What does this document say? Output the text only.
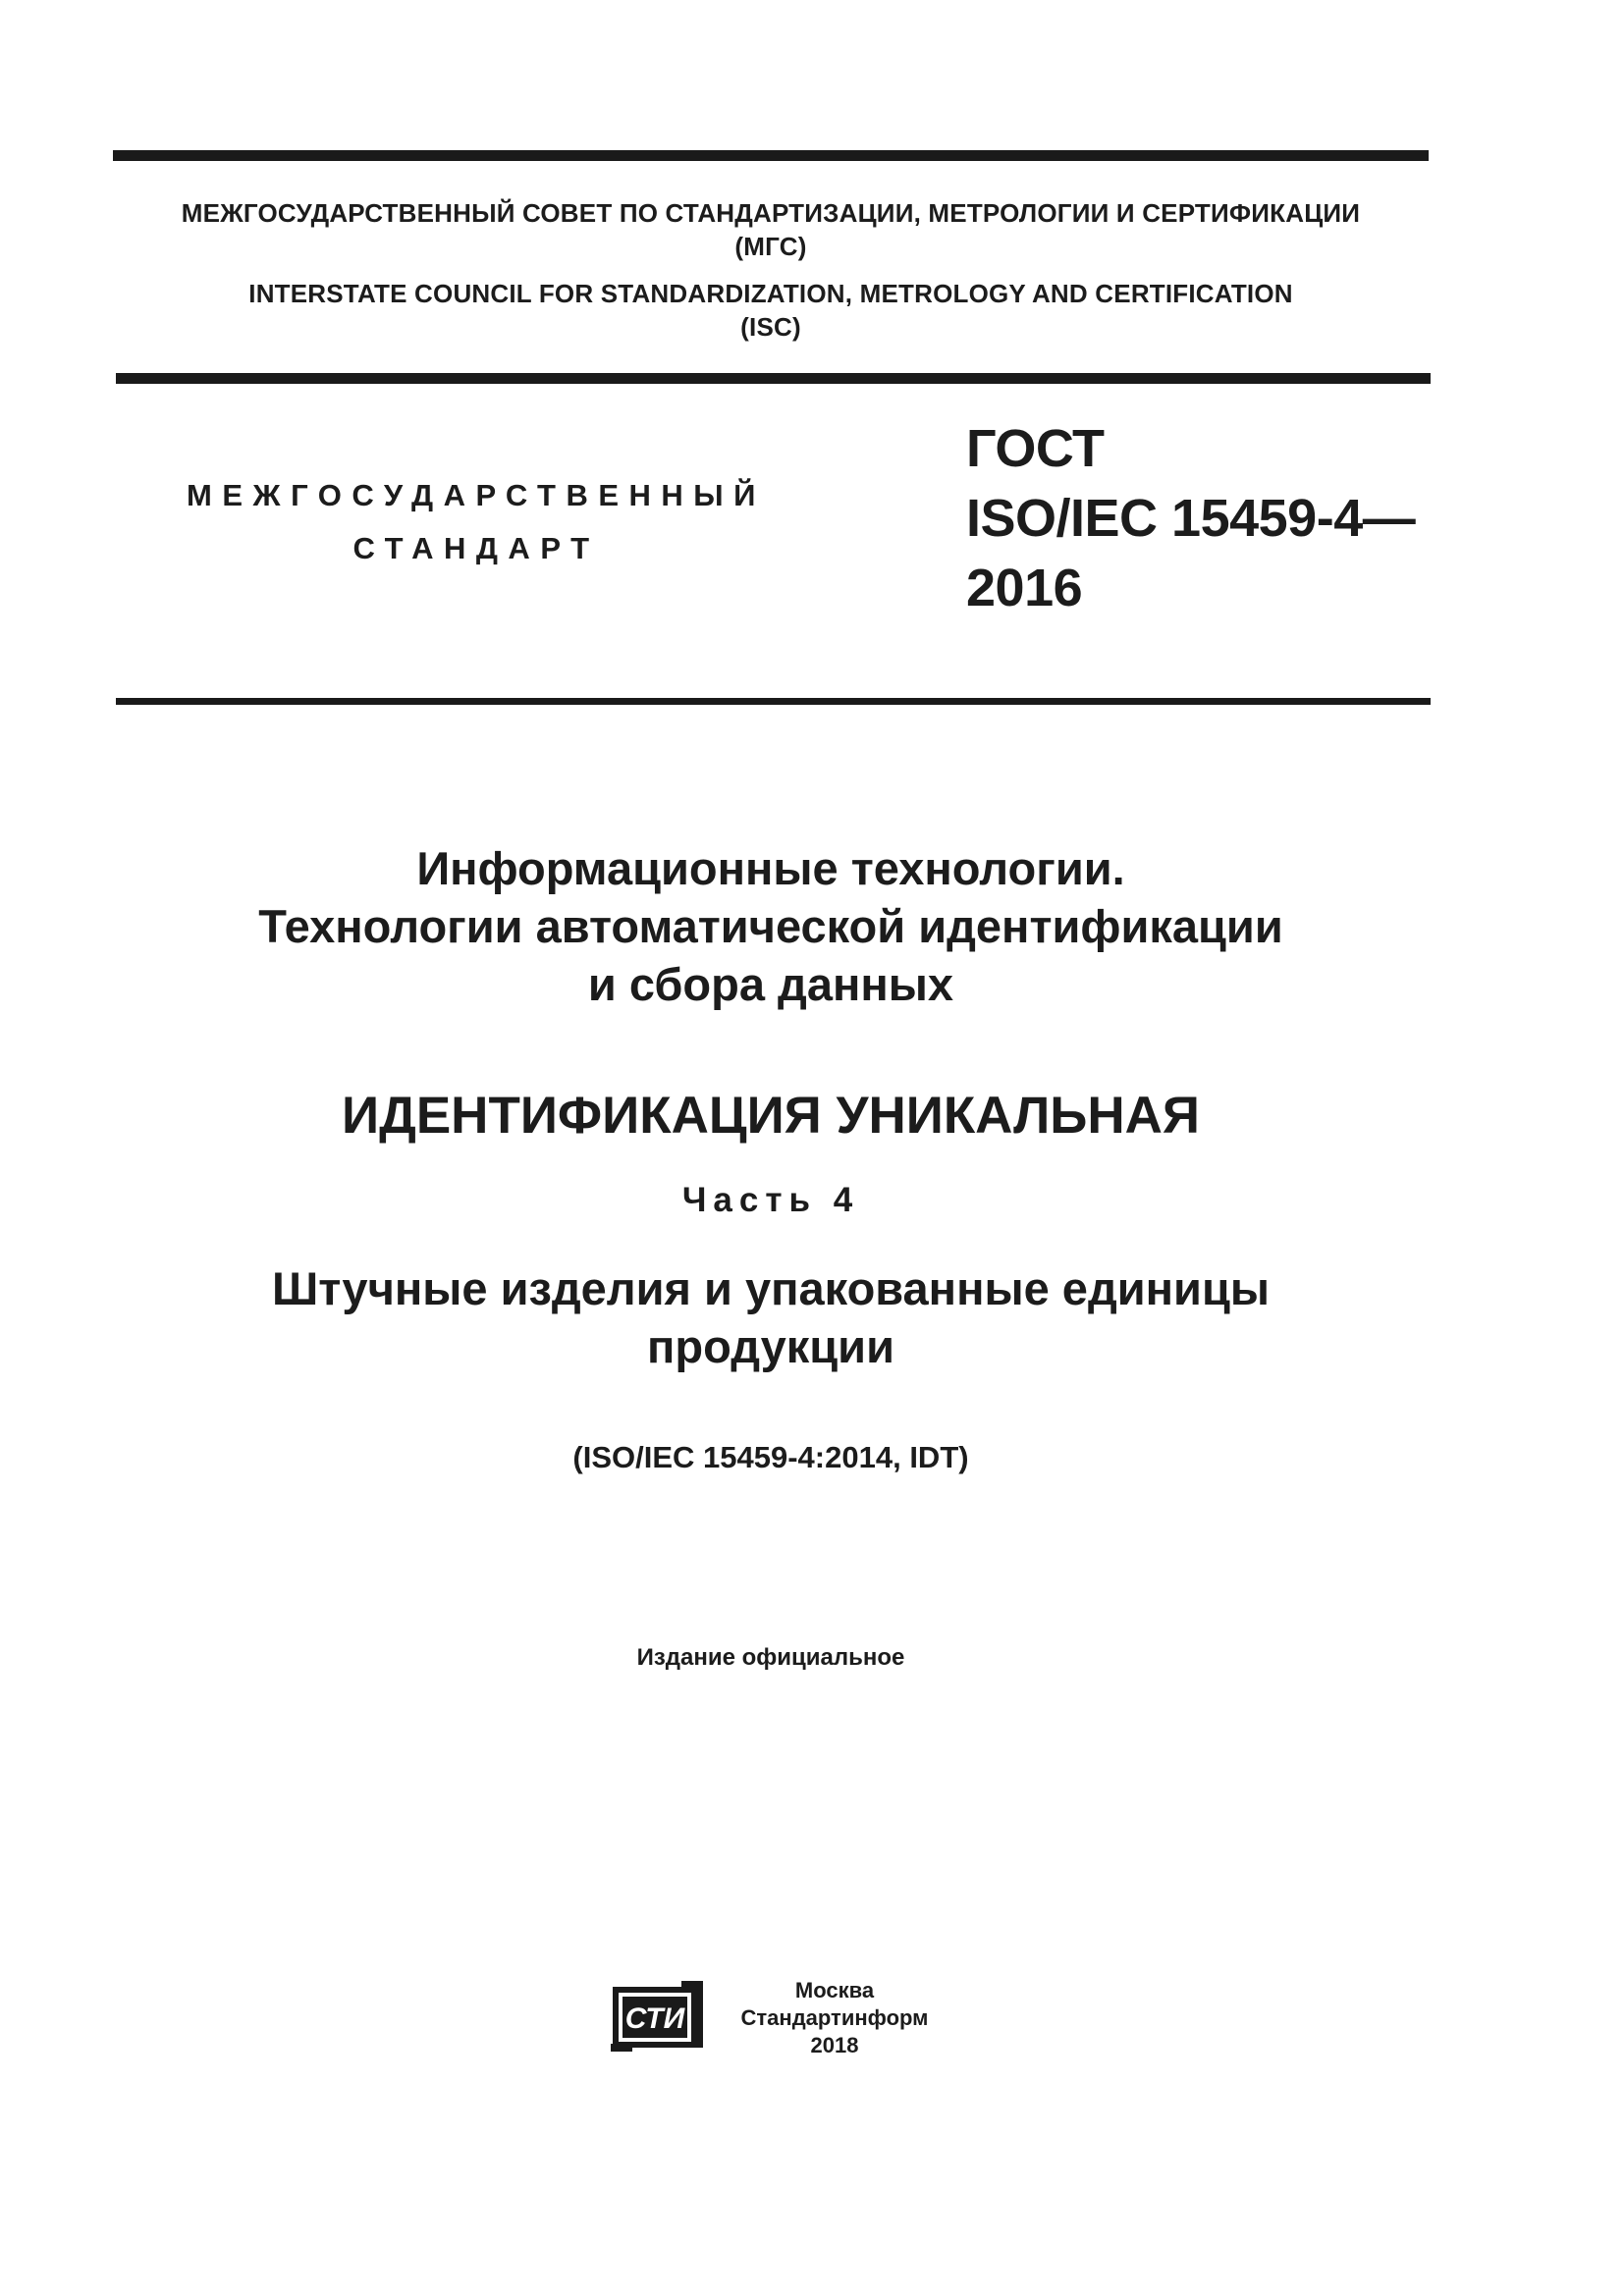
МЕЖГОСУДАРСТВЕННЫЙ СОВЕТ ПО СТАНДАРТИЗАЦИИ, МЕТРОЛОГИИ И СЕРТИФИКАЦИИ
(МГС)
INTERSTATE COUNCIL FOR STANDARDIZATION, METROLOGY AND CERTIFICATION
(ISC)
МЕЖГОСУДАРСТВЕННЫЙ
СТАНДАРТ
ГОСТ
ISO/IEC 15459-4—
2016
Информационные технологии.
Технологии автоматической идентификации
и сбора данных
ИДЕНТИФИКАЦИЯ УНИКАЛЬНАЯ
Часть 4
Штучные изделия и упакованные единицы
продукции
(ISO/IEC 15459-4:2014, IDT)
Издание официальное
СТИ
Москва
Стандартинформ
2018
